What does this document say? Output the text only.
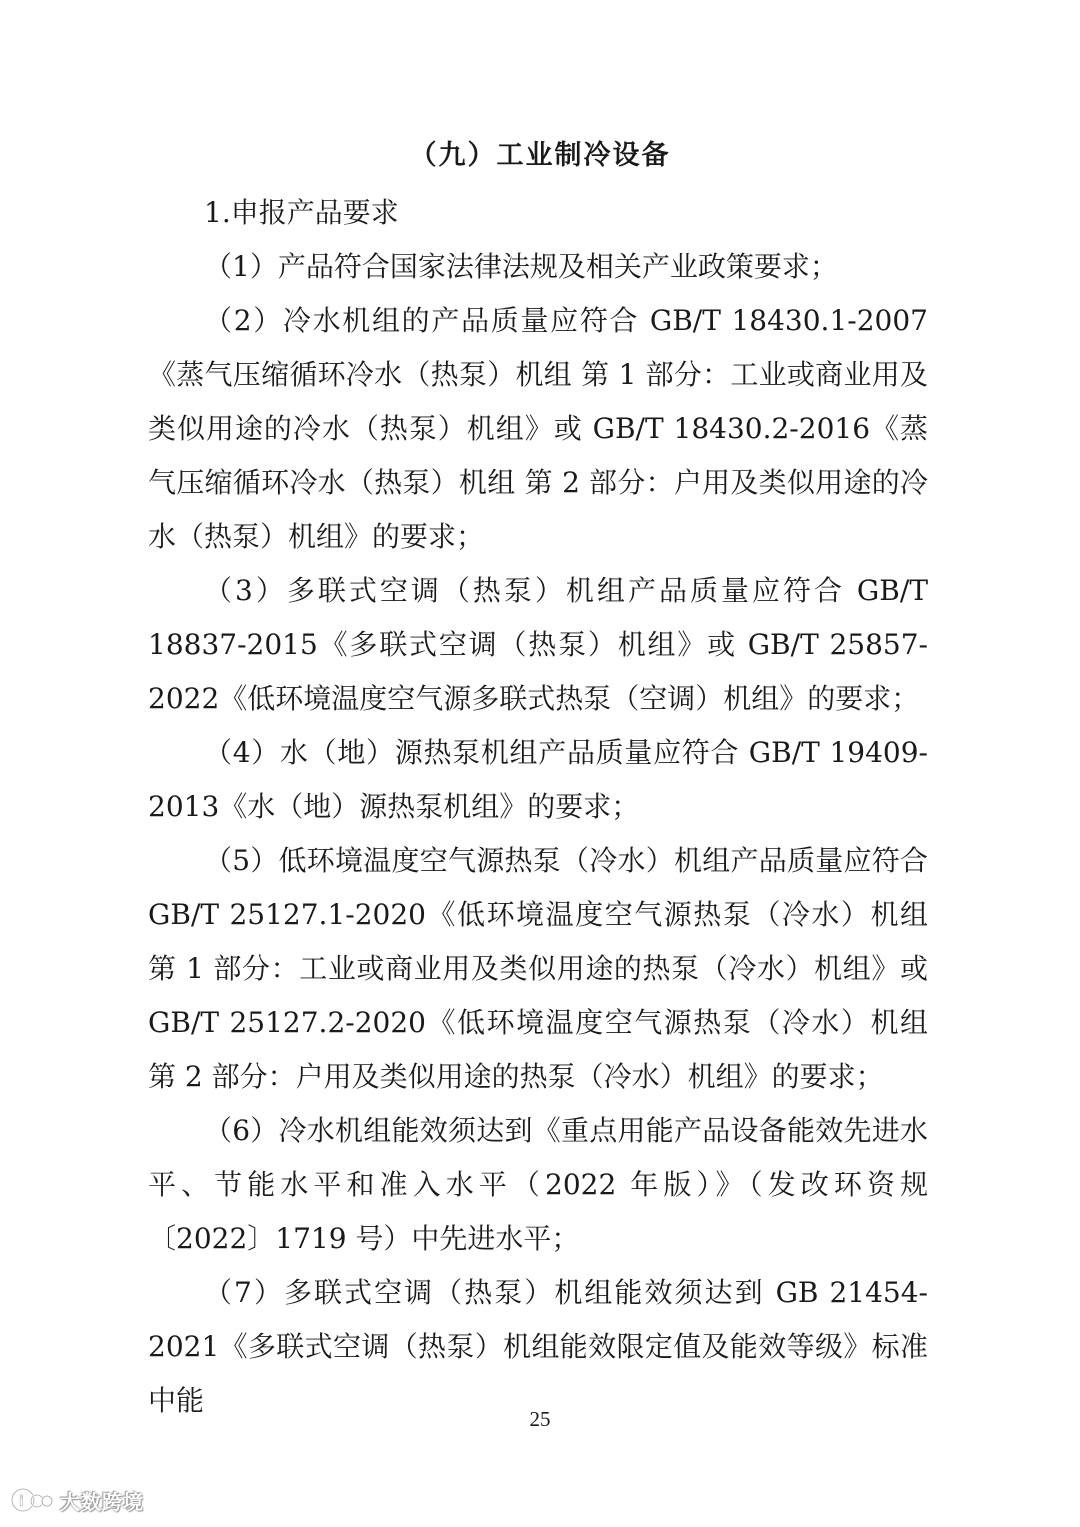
（九）工业制冷设备

1.申报产品要求

（1）产品符合国家法律法规及相关产业政策要求；

（2）冷水机组的产品质量应符合 GB/T 18430.1-2007《蒸气压缩循环冷水（热泵）机组 第 1 部分：工业或商业用及类似用途的冷水（热泵）机组》或 GB/T 18430.2-2016《蒸气压缩循环冷水（热泵）机组 第 2 部分：户用及类似用途的冷水（热泵）机组》的要求；

（3）多联式空调（热泵）机组产品质量应符合 GB/T 18837-2015《多联式空调（热泵）机组》或 GB/T 25857-2022《低环境温度空气源多联式热泵（空调）机组》的要求；

（4）水（地）源热泵机组产品质量应符合 GB/T 19409-2013《水（地）源热泵机组》的要求；

（5）低环境温度空气源热泵（冷水）机组产品质量应符合 GB/T 25127.1-2020《低环境温度空气源热泵（冷水）机组 第 1 部分：工业或商业用及类似用途的热泵（冷水）机组》或 GB/T 25127.2-2020《低环境温度空气源热泵（冷水）机组 第 2 部分：户用及类似用途的热泵（冷水）机组》的要求；

（6）冷水机组能效须达到《重点用能产品设备能效先进水平、节能水平和准入水平（2022 年版）》（发改环资规〔2022〕1719 号）中先进水平；

（7）多联式空调（热泵）机组能效须达到 GB 21454-2021《多联式空调（热泵）机组能效限定值及能效等级》标准中能

25
i 大数跨境
